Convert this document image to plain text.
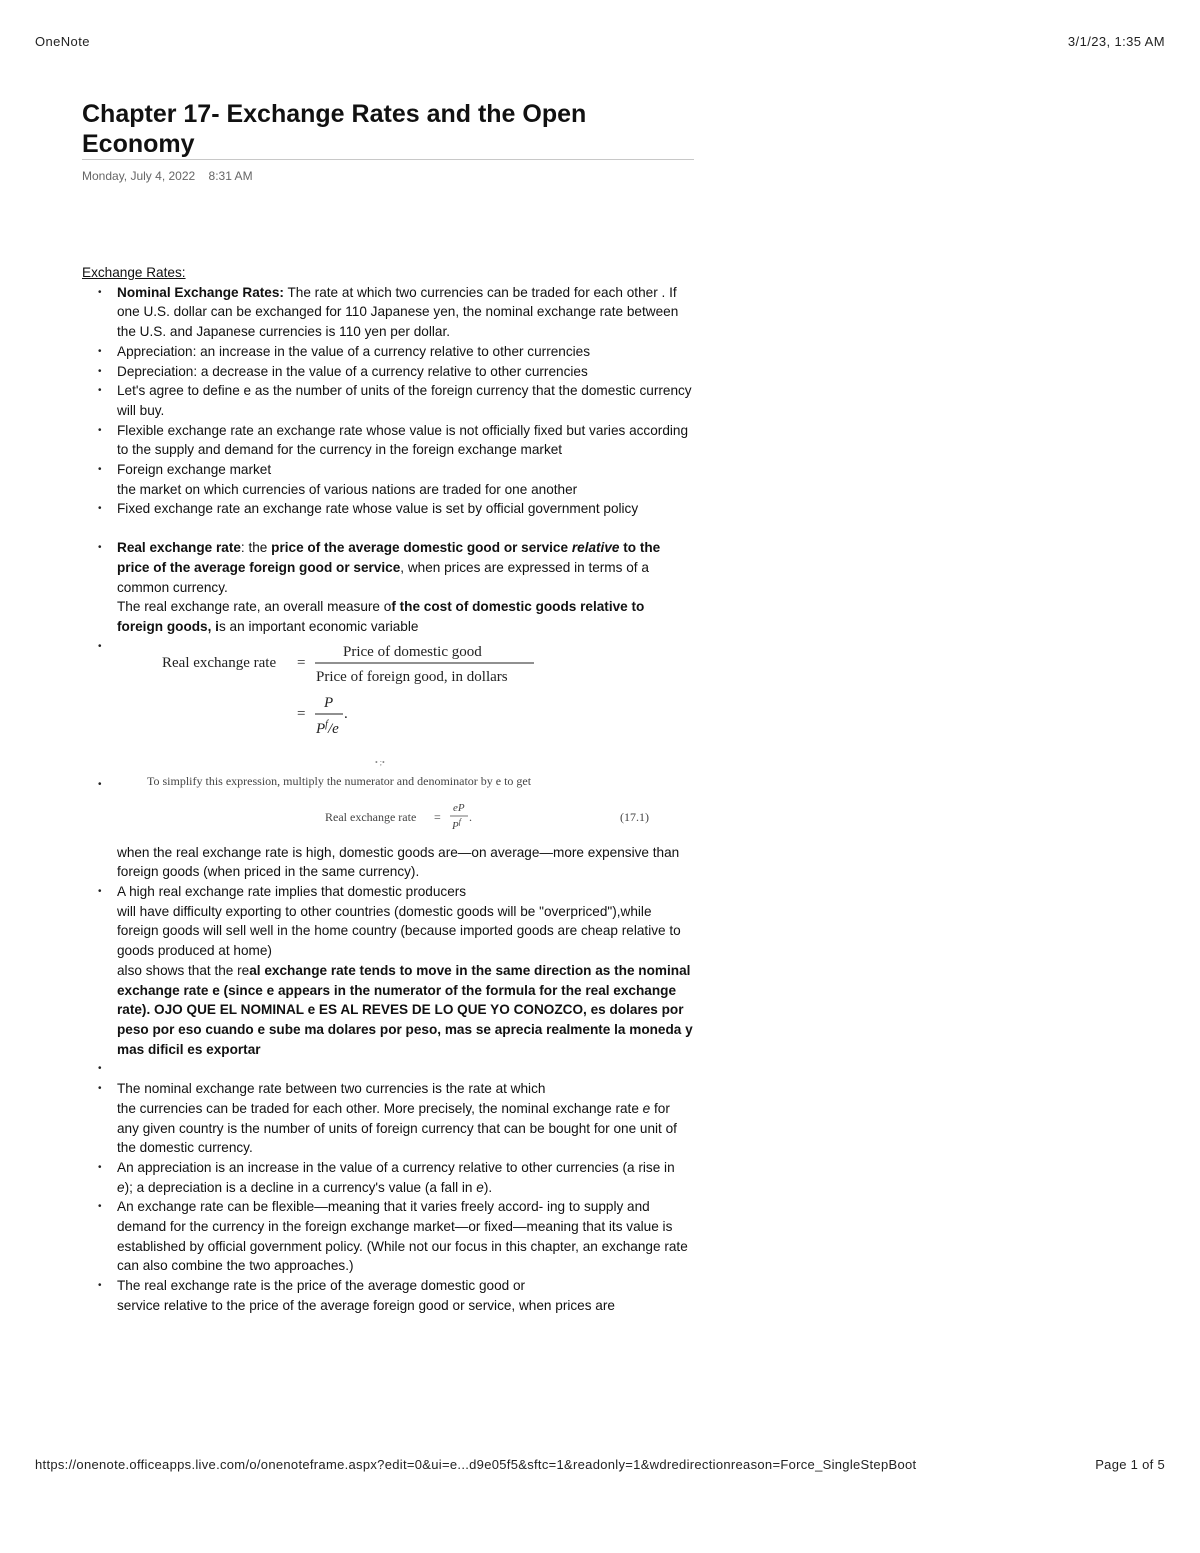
OneNote	3/1/23, 1:35 AM
Chapter 17- Exchange Rates and the Open Economy
Monday, July 4, 2022 8:31 AM
Exchange Rates:
• Nominal Exchange Rates: The rate at which two currencies can be traded for each other . If one U.S. dollar can be exchanged for 110 Japanese yen, the nominal exchange rate between the U.S. and Japanese currencies is 110 yen per dollar.
• Appreciation: an increase in the value of a currency relative to other currencies
• Depreciation: a decrease in the value of a currency relative to other currencies
• Let's agree to define e as the number of units of the foreign currency that the domestic currency will buy.
• Flexible exchange rate an exchange rate whose value is not officially fixed but varies according to the supply and demand for the currency in the foreign exchange market
• Foreign exchange market
the market on which currencies of various nations are traded for one another
• Fixed exchange rate an exchange rate whose value is set by official government policy
• Real exchange rate: the price of the average domestic good or service relative to the price of the average foreign good or service, when prices are expressed in terms of a common currency.
The real exchange rate, an overall measure of the cost of domestic goods relative to foreign goods, is an important economic variable
• Real exchange rate =
Price of domestic good
Price of foreign good, in dollars
=
P
$P^f/e$
.
• ;•
• To simplify this expression, multiply the numerator and denominator by e to get
Real exchange rate =
eP
$P^f$ .	(17.1)
when the real exchange rate is high, domestic goods are—on average—more expensive than foreign goods (when priced in the same currency).
• A high real exchange rate implies that domestic producers
will have difficulty exporting to other countries (domestic goods will be "overpriced"),while foreign goods will sell well in the home country (because imported goods are cheap relative to goods produced at home)
also shows that the real exchange rate tends to move in the same direction as the nominal exchange rate e (since e appears in the numerator of the formula for the real exchange rate). OJO QUE EL NOMINAL e ES AL REVES DE LO QUE YO CONOZCO, es dolares por peso por eso cuando e sube ma dolares por peso, mas se aprecia realmente la moneda y mas dificil es exportar
•
• The nominal exchange rate between two currencies is the rate at which
the currencies can be traded for each other. More precisely, the nominal exchange rate e for any given country is the number of units of foreign currency that can be bought for one unit of the domestic currency.
• An appreciation is an increase in the value of a currency relative to other currencies (a rise in e); a depreciation is a decline in a currency's value (a fall in e).
• An exchange rate can be flexible—meaning that it varies freely accord- ing to supply and demand for the currency in the foreign exchange market—or fixed—meaning that its value is established by official government policy. (While not our focus in this chapter, an exchange rate can also combine the two approaches.)
• The real exchange rate is the price of the average domestic good or
service relative to the price of the average foreign good or service, when prices are
https://onenote.officeapps.live.com/o/onenoteframe.aspx?edit=0&ui=e...d9e05f5&sftc=1&readonly=1&wdredirectionreason=Force_SingleStepBoot	Page 1 of 5
